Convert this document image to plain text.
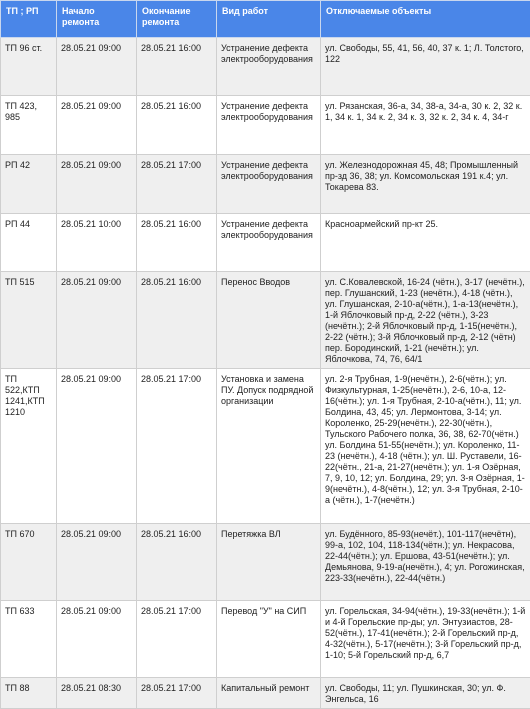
ТП ; РП	Начало ремонта	Окончание ремонта	Вид работ	Отключаемые объекты
ТП 96 ст.	28.05.21 09:00	28.05.21 16:00	Устранение дефекта электрооборудования	ул. Свободы, 55, 41, 56, 40, 37 к. 1; Л. Толстого, 122
ТП 423, 985	28.05.21 09:00	28.05.21 16:00	Устранение дефекта электрооборудования	ул. Рязанская, 36-а, 34, 38-а, 34-а, 30 к. 2, 32 к. 1, 34 к. 1, 34 к. 2, 34 к. 3, 32 к. 2, 34 к. 4, 34-г
РП 42	28.05.21 09:00	28.05.21 17:00	Устранение дефекта электрооборудования	ул. Железнодорожная 45, 48; Промышленный пр-зд 36, 38; ул. Комсомольская 191 к.4; ул. Токарева 83.
РП 44	28.05.21 10:00	28.05.21 16:00	Устранение дефекта электрооборудования	Красноармейский пр-кт 25.
ТП 515	28.05.21 09:00	28.05.21 16:00	Перенос Вводов	ул. С.Ковалевской, 16-24 (чётн.), 3-17 (нечётн.), пер. Глушанский, 1-23 (нечётн.), 4-18 (чётн.), ул. Глушанская, 2-10-а(чётн.), 1-а-13(нечётн.), 1-й Яблочковый пр-д, 2-22 (чётн.), 3-23 (нечётн.); 2-й Яблочковый пр-д, 1-15(нечётн.), 2-22 (чётн.); 3-й Яблочковый пр-д, 2-12 (чётн) пер. Бородинский, 1-21 (нечётн.); ул. Яблочкова, 74, 76, 64/1
ТП 522,КТП 1241,КТП 1210	28.05.21 09:00	28.05.21 17:00	Установка и замена ПУ. Допуск подрядной организации	ул. 2-я Трубная, 1-9(нечётн.), 2-6(чётн.); ул. Физкультурная, 1-25(нечётн.), 2-6, 10-а, 12-16(чётн.); ул. 1-я Трубная, 2-10-а(чётн.), 11; ул. Болдина, 43, 45; ул. Лермонтова, 3-14; ул. Короленко, 25-29(нечётн.), 22-30(чётн.), Тульского Рабочего полка, 36, 38, 62-70(чётн.) ул. Болдина 51-55(нечётн.); ул. Короленко, 11-23 (нечётн.), 4-18 (чётн.); ул. Ш. Руставели, 16-22(чётн., 21-а, 21-27(нечётн.); ул. 1-я Озёрная, 7, 9, 10, 12; ул. Болдина, 29; ул. 3-я Озёрная, 1-9(нечётн.), 4-8(чётн.), 12; ул. 3-я Трубная, 2-10-а (чётн.), 1-7(нечётн.)
ТП 670	28.05.21 09:00	28.05.21 16:00	Перетяжка ВЛ	ул. Будённого, 85-93(нечёт.), 101-117(нечётн), 99-а, 102, 104, 118-134(чётн.); ул. Некрасова, 22-44(чётн.); ул. Ершова, 43-51(нечётн.); ул. Демьянова, 9-19-а(нечётн.), 4; ул. Рогожинская, 223-33(нечётн.), 22-44(чётн.)
ТП 633	28.05.21 09:00	28.05.21 17:00	Перевод "У" на СИП	ул. Горельская, 34-94(чётн.), 19-33(нечётн.); 1-й и 4-й Горельские пр-ды; ул. Энтузиастов, 28-52(чётн.), 17-41(нечётн.); 2-й Горельский пр-д, 4-32(чётн.), 5-17(нечётн.); 3-й Горельский пр-д, 1-10; 5-й Горельский пр-д, 6,7
ТП 88	28.05.21 08:30	28.05.21 17:00	Капитальный ремонт	ул. Свободы, 11; ул. Пушкинская, 30; ул. Ф. Энгельса, 16
